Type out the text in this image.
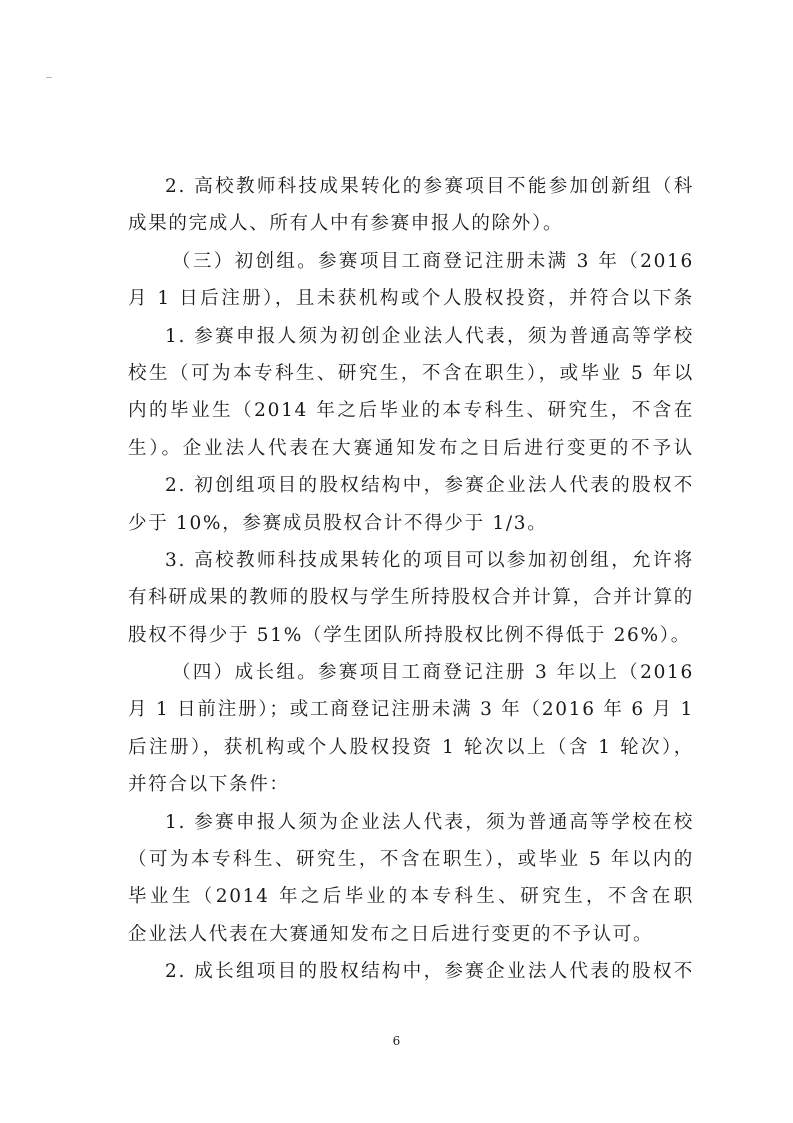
2. 高校教师科技成果转化的参赛项目不能参加创新组（科
成果的完成人、所有人中有参赛申报人的除外）。
（三）初创组。参赛项目工商登记注册未满 3 年（2016
月 1 日后注册），且未获机构或个人股权投资，并符合以下条
1. 参赛申报人须为初创企业法人代表，须为普通高等学校
校生（可为本专科生、研究生，不含在职生），或毕业 5 年以
内的毕业生（2014 年之后毕业的本专科生、研究生，不含在
生）。企业法人代表在大赛通知发布之日后进行变更的不予认
2. 初创组项目的股权结构中，参赛企业法人代表的股权不
少于 10%，参赛成员股权合计不得少于 1/3。
3. 高校教师科技成果转化的项目可以参加初创组，允许将
有科研成果的教师的股权与学生所持股权合并计算，合并计算的
股权不得少于 51%（学生团队所持股权比例不得低于 26%）。
（四）成长组。参赛项目工商登记注册 3 年以上（2016
月 1 日前注册）；或工商登记注册未满 3 年（2016 年 6 月 1
后注册），获机构或个人股权投资 1 轮次以上（含 1 轮次），
并符合以下条件：
1. 参赛申报人须为企业法人代表，须为普通高等学校在校
（可为本专科生、研究生，不含在职生），或毕业 5 年以内的
毕业生（2014 年之后毕业的本专科生、研究生，不含在职
企业法人代表在大赛通知发布之日后进行变更的不予认可。
2. 成长组项目的股权结构中，参赛企业法人代表的股权不
6
